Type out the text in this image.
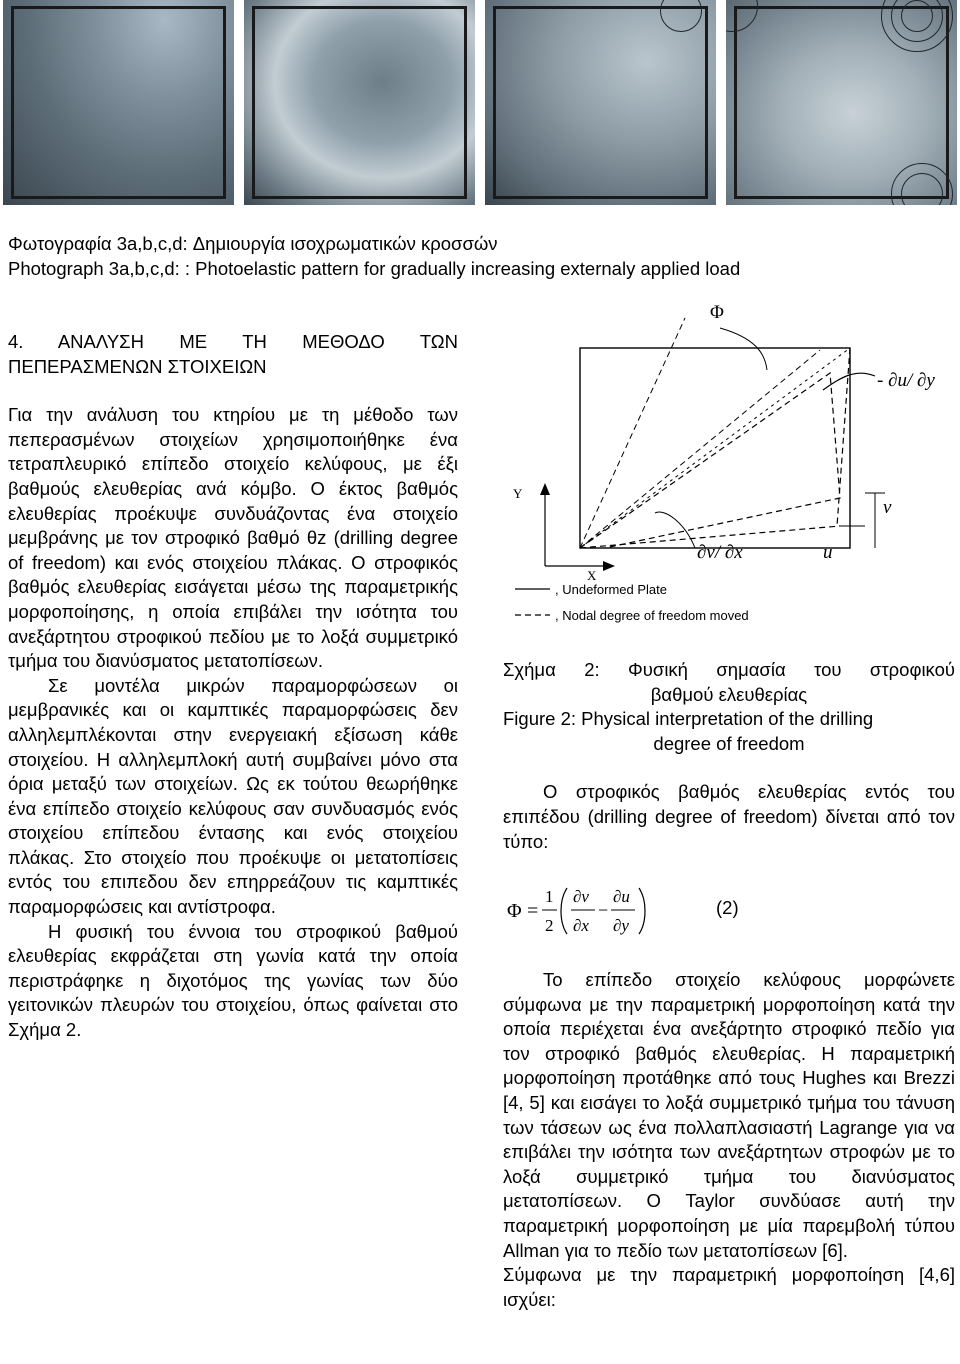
Φωτογραφία 3a,b,c,d: Δημιουργία ισοχρωματικών κροσσών
Photograph 3a,b,c,d: : Photoelastic pattern for gradually increasing externaly applied load

4. ΑΝΑΛΥΣΗ ΜΕ ΤΗ ΜΕΘΟΔΟ ΤΩΝ

ΠΕΠΕΡΑΣΜΕΝΩΝ ΣΤΟΙΧΕΙΩΝ

Για την ανάλυση του κτηρίου με τη μέθοδο των πεπερασμένων στοιχείων χρησιμοποιήθηκε ένα τετραπλευρικό επίπεδο στοιχείο κελύφους, με έξι βαθμούς ελευθερίας ανά κόμβο. Ο έκτος βαθμός ελευθερίας προέκυψε συνδυάζοντας ένα στοιχείο μεμβράνης με τον στροφικό βαθμό θz (drilling degree of freedom) και ενός στοιχείου πλάκας. Ο στροφικός βαθμός ελευθερίας εισάγεται μέσω της παραμετρικής μορφοποίησης, η οποία επιβάλει την ισότητα του ανεξάρτητου στροφικού πεδίου με το λοξά συμμετρικό τμήμα του διανύσματος μετατοπίσεων.

Σε μοντέλα μικρών παραμορφώσεων οι μεμβρανικές και οι καμπτικές παραμορφώσεις δεν αλληλεμπλέκονται στην ενεργειακή εξίσωση κάθε στοιχείου. Η αλληλεμπλοκή αυτή συμβαίνει μόνο στα όρια μεταξύ των στοιχείων. Ως εκ τούτου θεωρήθηκε ένα επίπεδο στοιχείο κελύφους σαν συνδυασμός ενός στοιχείου επίπεδου έντασης και ενός στοιχείου πλάκας. Στο στοιχείο που προέκυψε οι μετατοπίσεις εντός του επιπεδου δεν επηρρεάζουν τις καμπτικές παραμορφώσεις και αντίστροφα.

Η φυσική του έννοια του στροφικού βαθμού ελευθερίας εκφράζεται στη γωνία κατά την οποία περιστράφηκε η διχοτόμος της γωνίας των δύο γειτονικών πλευρών του στοιχείου, όπως φαίνεται στο Σχήμα 2.

Φ
- ∂u/ ∂y
∂v/ ∂x
Y
X
u
v
, Undeformed Plate
, Nodal degree of freedom moved

Σχήμα 2: Φυσική σημασία του στροφικού

βαθμού ελευθερίας

Figure 2: Physical interpretation of the drilling

degree of freedom

Ο στροφικός βαθμός ελευθερίας εντός του επιπέδου (drilling degree of freedom) δίνεται από τον τύπο:

Φ =
1
2
∂v
∂x
−
∂u
∂y
(2)

Το επίπεδο στοιχείο κελύφους μορφώνετε σύμφωνα με την παραμετρική μορφοποίηση κατά την οποία περιέχεται ένα ανεξάρτητο στροφικό πεδίο για τον στροφικό βαθμός ελευθερίας. Η παραμετρική μορφοποίηση προτάθηκε από τους Hughes και Brezzi [4, 5] και εισάγει το λοξά συμμετρικό τμήμα του τάνυση των τάσεων ως ένα πολλαπλασιαστή Lagrange για να επιβάλει την ισότητα των ανεξάρτητων στροφών με το λοξά συμμετρικό τμήμα του διανύσματος μετατοπίσεων. Ο Taylor συνδύασε αυτή την παραμετρική μορφοποίηση με μία παρεμβολή τύπου Allman για το πεδίο των μετατοπίσεων [6].

Σύμφωνα με την παραμετρική μορφοποίηση [4,6] ισχύει:
